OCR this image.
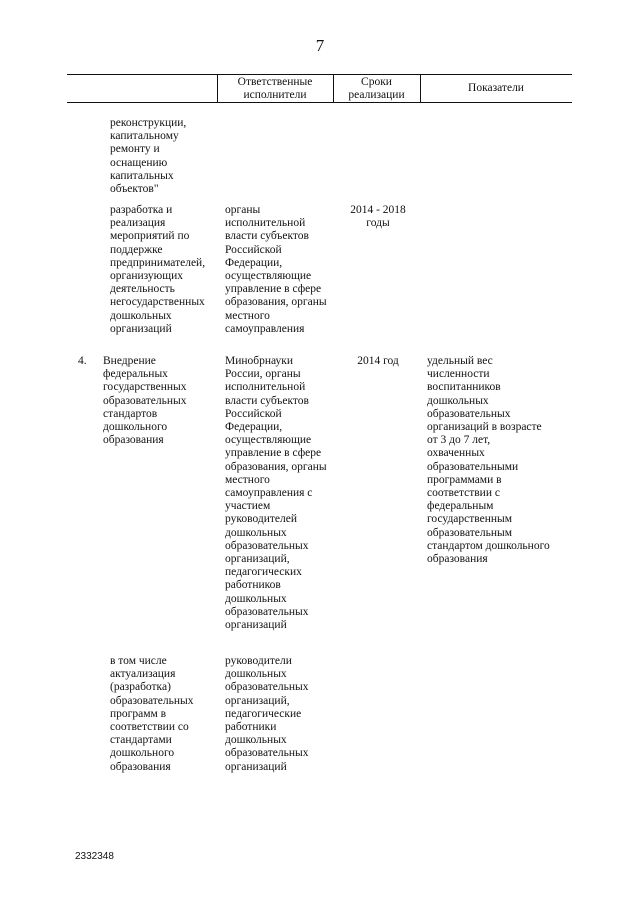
7
Ответственные
исполнители
Сроки
реализации
Показатели
реконструкции,
капитальному
ремонту и
оснащению
капитальных
объектов"
разработка и
реализация
мероприятий по
поддержке
предпринимателей,
организующих
деятельность
негосударственных
дошкольных
организаций
органы
исполнительной
власти субъектов
Российской
Федерации,
осуществляющие
управление в сфере
образования, органы
местного
самоуправления
2014 - 2018
годы
4.	Внедрение
федеральных
государственных
образовательных
стандартов
дошкольного
образования
Минобрнауки
России, органы
исполнительной
власти субъектов
Российской
Федерации,
осуществляющие
управление в сфере
образования, органы
местного
самоуправления с
участием
руководителей
дошкольных
образовательных
организаций,
педагогических
работников
дошкольных
образовательных
организаций
2014 год	удельный вес
численности
воспитанников
дошкольных
образовательных
организаций в возрасте
от 3 до 7 лет,
охваченных
образовательными
программами в
соответствии с
федеральным
государственным
образовательным
стандартом дошкольного
образования
в том числе
актуализация
(разработка)
образовательных
программ в
соответствии со
стандартами
дошкольного
образования
руководители
дошкольных
образовательных
организаций,
педагогические
работники
дошкольных
образовательных
организаций
2332348
